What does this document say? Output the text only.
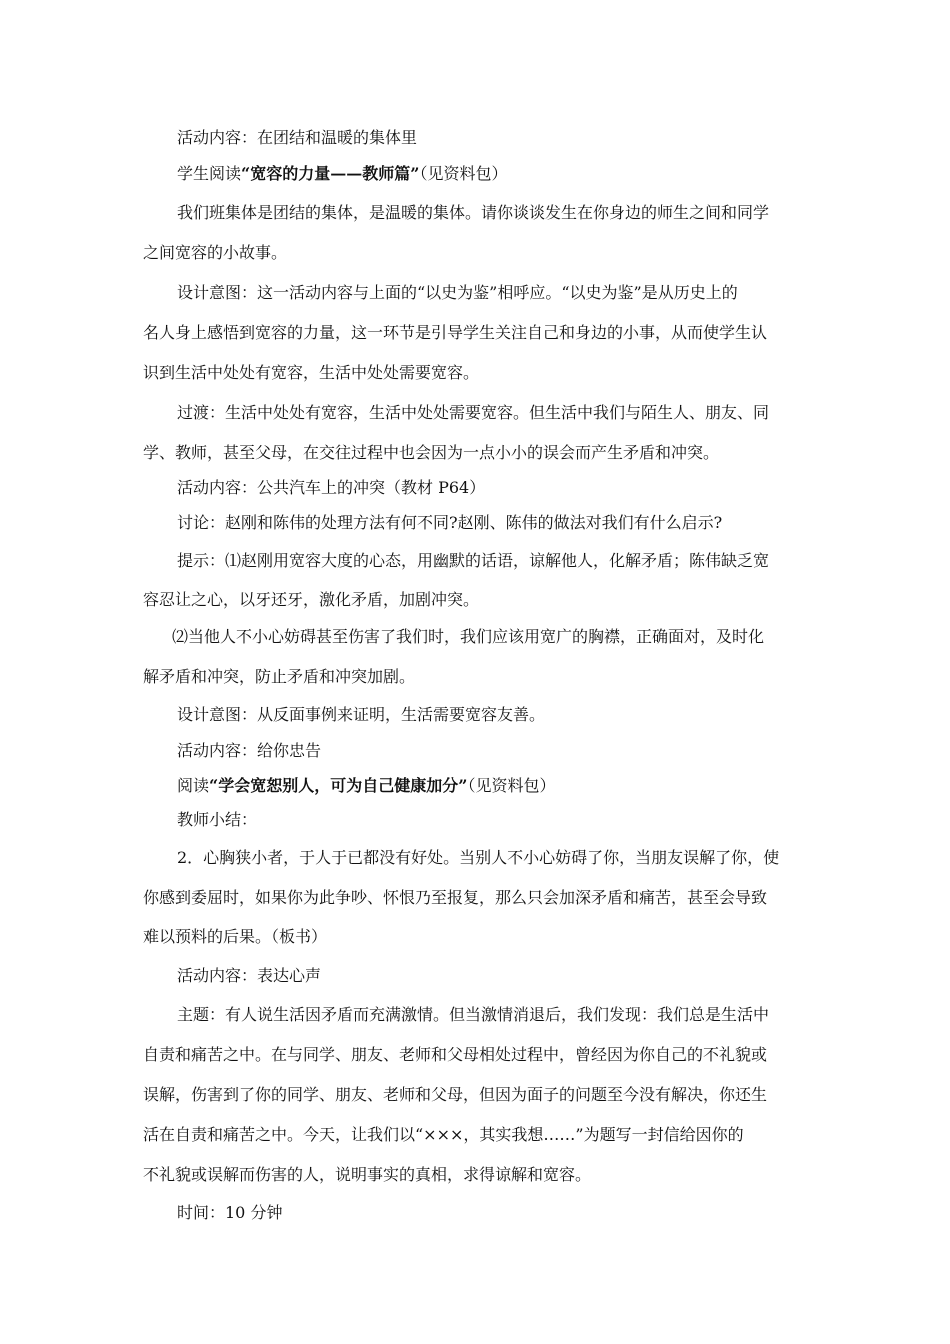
活动内容：在团结和温暖的集体里
学生阅读“宽容的力量——教师篇”（见资料包）
我们班集体是团结的集体，是温暖的集体。请你谈谈发生在你身边的师生之间和同学
之间宽容的小故事。
设计意图：这一活动内容与上面的“以史为鉴”相呼应。“以史为鉴”是从历史上的
名人身上感悟到宽容的力量，这一环节是引导学生关注自己和身边的小事，从而使学生认
识到生活中处处有宽容，生活中处处需要宽容。
过渡：生活中处处有宽容，生活中处处需要宽容。但生活中我们与陌生人、朋友、同
学、教师，甚至父母，在交往过程中也会因为一点小小的误会而产生矛盾和冲突。
活动内容：公共汽车上的冲突（教材 P64）
讨论：赵刚和陈伟的处理方法有何不同?赵刚、陈伟的做法对我们有什么启示?
提示：⑴赵刚用宽容大度的心态，用幽默的话语，谅解他人，化解矛盾；陈伟缺乏宽
容忍让之心，以牙还牙，激化矛盾，加剧冲突。
⑵当他人不小心妨碍甚至伤害了我们时，我们应该用宽广的胸襟，正确面对，及时化
解矛盾和冲突，防止矛盾和冲突加剧。
设计意图：从反面事例来证明，生活需要宽容友善。
活动内容：给你忠告
阅读“学会宽恕别人，可为自己健康加分”（见资料包）
教师小结：
2．心胸狭小者，于人于已都没有好处。当别人不小心妨碍了你，当朋友误解了你，使
你感到委屈时，如果你为此争吵、怀恨乃至报复，那么只会加深矛盾和痛苦，甚至会导致
难以预料的后果。（板书）
活动内容：表达心声
主题：有人说生活因矛盾而充满激情。但当激情消退后，我们发现：我们总是生活中
自责和痛苦之中。在与同学、朋友、老师和父母相处过程中，曾经因为你自己的不礼貌或
误解，伤害到了你的同学、朋友、老师和父母，但因为面子的问题至今没有解决，你还生
活在自责和痛苦之中。今天，让我们以“×××，其实我想……”为题写一封信给因你的
不礼貌或误解而伤害的人，说明事实的真相，求得谅解和宽容。
时间：10 分钟
